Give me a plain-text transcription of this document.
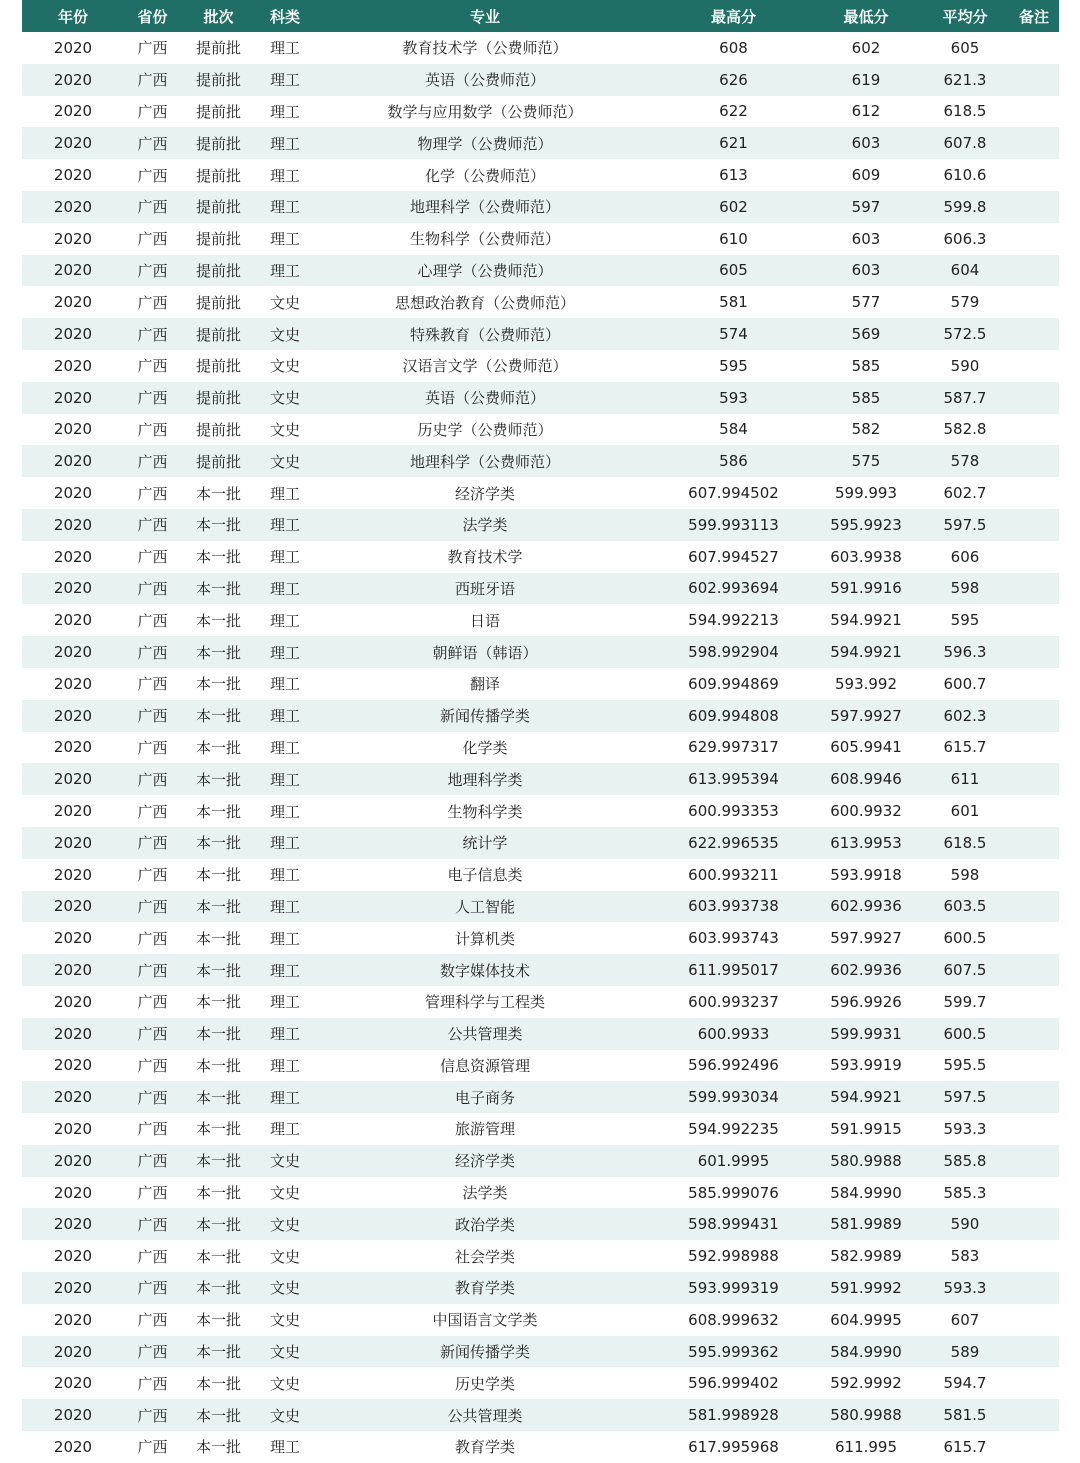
年份	省份	批次	科类	专业	最高分	最低分	平均分	备注
2020	广西	提前批	理工	教育技术学（公费师范）	608	602	605	
2020	广西	提前批	理工	英语（公费师范）	626	619	621.3	
2020	广西	提前批	理工	数学与应用数学（公费师范）	622	612	618.5	
2020	广西	提前批	理工	物理学（公费师范）	621	603	607.8	
2020	广西	提前批	理工	化学（公费师范）	613	609	610.6	
2020	广西	提前批	理工	地理科学（公费师范）	602	597	599.8	
2020	广西	提前批	理工	生物科学（公费师范）	610	603	606.3	
2020	广西	提前批	理工	心理学（公费师范）	605	603	604	
2020	广西	提前批	文史	思想政治教育（公费师范）	581	577	579	
2020	广西	提前批	文史	特殊教育（公费师范）	574	569	572.5	
2020	广西	提前批	文史	汉语言文学（公费师范）	595	585	590	
2020	广西	提前批	文史	英语（公费师范）	593	585	587.7	
2020	广西	提前批	文史	历史学（公费师范）	584	582	582.8	
2020	广西	提前批	文史	地理科学（公费师范）	586	575	578	
2020	广西	本一批	理工	经济学类	607.994502	599.993	602.7	
2020	广西	本一批	理工	法学类	599.993113	595.9923	597.5	
2020	广西	本一批	理工	教育技术学	607.994527	603.9938	606	
2020	广西	本一批	理工	西班牙语	602.993694	591.9916	598	
2020	广西	本一批	理工	日语	594.992213	594.9921	595	
2020	广西	本一批	理工	朝鲜语（韩语）	598.992904	594.9921	596.3	
2020	广西	本一批	理工	翻译	609.994869	593.992	600.7	
2020	广西	本一批	理工	新闻传播学类	609.994808	597.9927	602.3	
2020	广西	本一批	理工	化学类	629.997317	605.9941	615.7	
2020	广西	本一批	理工	地理科学类	613.995394	608.9946	611	
2020	广西	本一批	理工	生物科学类	600.993353	600.9932	601	
2020	广西	本一批	理工	统计学	622.996535	613.9953	618.5	
2020	广西	本一批	理工	电子信息类	600.993211	593.9918	598	
2020	广西	本一批	理工	人工智能	603.993738	602.9936	603.5	
2020	广西	本一批	理工	计算机类	603.993743	597.9927	600.5	
2020	广西	本一批	理工	数字媒体技术	611.995017	602.9936	607.5	
2020	广西	本一批	理工	管理科学与工程类	600.993237	596.9926	599.7	
2020	广西	本一批	理工	公共管理类	600.9933	599.9931	600.5	
2020	广西	本一批	理工	信息资源管理	596.992496	593.9919	595.5	
2020	广西	本一批	理工	电子商务	599.993034	594.9921	597.5	
2020	广西	本一批	理工	旅游管理	594.992235	591.9915	593.3	
2020	广西	本一批	文史	经济学类	601.9995	580.9988	585.8	
2020	广西	本一批	文史	法学类	585.999076	584.9990	585.3	
2020	广西	本一批	文史	政治学类	598.999431	581.9989	590	
2020	广西	本一批	文史	社会学类	592.998988	582.9989	583	
2020	广西	本一批	文史	教育学类	593.999319	591.9992	593.3	
2020	广西	本一批	文史	中国语言文学类	608.999632	604.9995	607	
2020	广西	本一批	文史	新闻传播学类	595.999362	584.9990	589	
2020	广西	本一批	文史	历史学类	596.999402	592.9992	594.7	
2020	广西	本一批	文史	公共管理类	581.998928	580.9988	581.5	
2020	广西	本一批	理工	教育学类	617.995968	611.995	615.7	
